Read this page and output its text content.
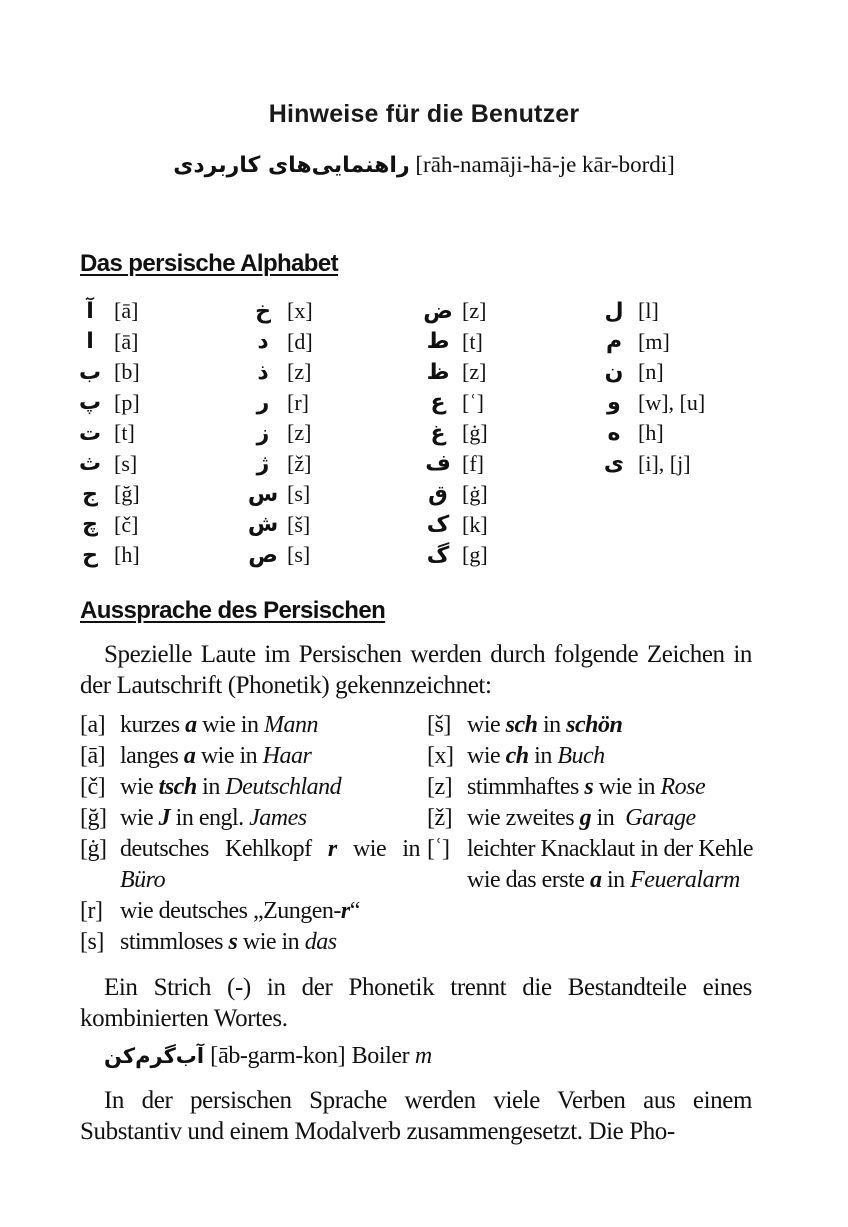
Hinweise für die Benutzer
راهنمایی‌های کاربردی [rāh-namāji-hā-je kār-bordi]
Das persische Alphabet
آ [ā]
ا [ā]
ب [b]
پ [p]
ت [t]
ث [s]
ج [ğ]
چ [č]
ح [h]
خ [x]
د [d]
ذ [z]
ر [r]
ز [z]
ژ [ž]
س [s]
ش [š]
ص [s]
ض [z]
ط [t]
ظ [z]
ع [ʿ]
غ [ġ]
ف [f]
ق [ġ]
ک [k]
گ [g]
ل [l]
م [m]
ن [n]
و [w], [u]
ه [h]
ی [i], [j]
Aussprache des Persischen
Spezielle Laute im Persischen werden durch folgende Zeichen in der Lautschrift (Phonetik) gekennzeichnet:
[a] kurzes a wie in Mann
[ā] langes a wie in Haar
[č] wie tsch in Deutschland
[ğ] wie J in engl. James
[ġ] deutsches Kehlkopf r wie in Büro
[r] wie deutsches „Zungen-r“
[s] stimmloses s wie in das
[š] wie sch in schön
[x] wie ch in Buch
[z] stimmhaftes s wie in Rose
[ž] wie zweites g in  Garage
[ʿ] leichter Knacklaut in der Kehle wie das erste a in Feueralarm
Ein Strich (-) in der Phonetik trennt die Bestandteile eines kombinierten Wortes.
آب‌گرم‌کن [āb-garm-kon] Boiler m
In der persischen Sprache werden viele Verben aus einem Substantiv und einem Modalverb zusammengesetzt. Die Pho-
